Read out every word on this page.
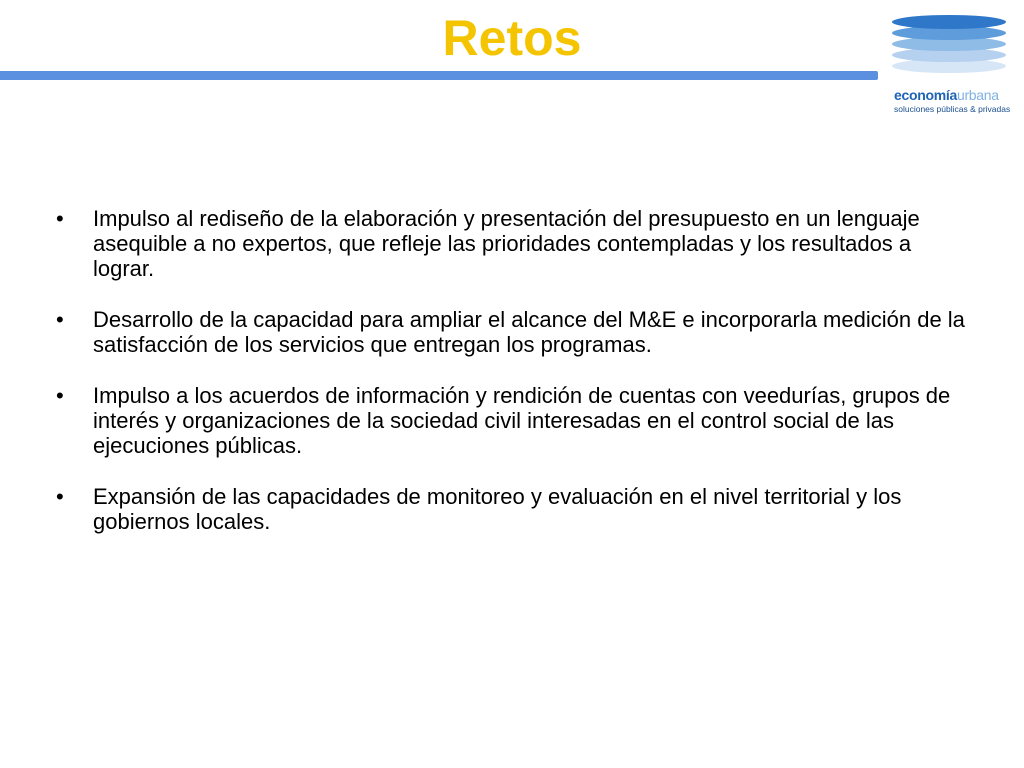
Retos
economíaurbana
soluciones públicas & privadas
•	Impulso al rediseño de la elaboración y presentación del presupuesto en un lenguaje asequible a no expertos, que refleje las prioridades contempladas y los resultados a lograr.
•	Desarrollo de la capacidad para ampliar el alcance del M&E e incorporarla medición de la satisfacción de los servicios que entregan los programas.
•	Impulso a los acuerdos de información y rendición de cuentas con veedurías, grupos de interés y organizaciones de la sociedad civil interesadas en el control social de las ejecuciones públicas.
•	Expansión de las capacidades de monitoreo y evaluación en el nivel territorial y los gobiernos locales.
